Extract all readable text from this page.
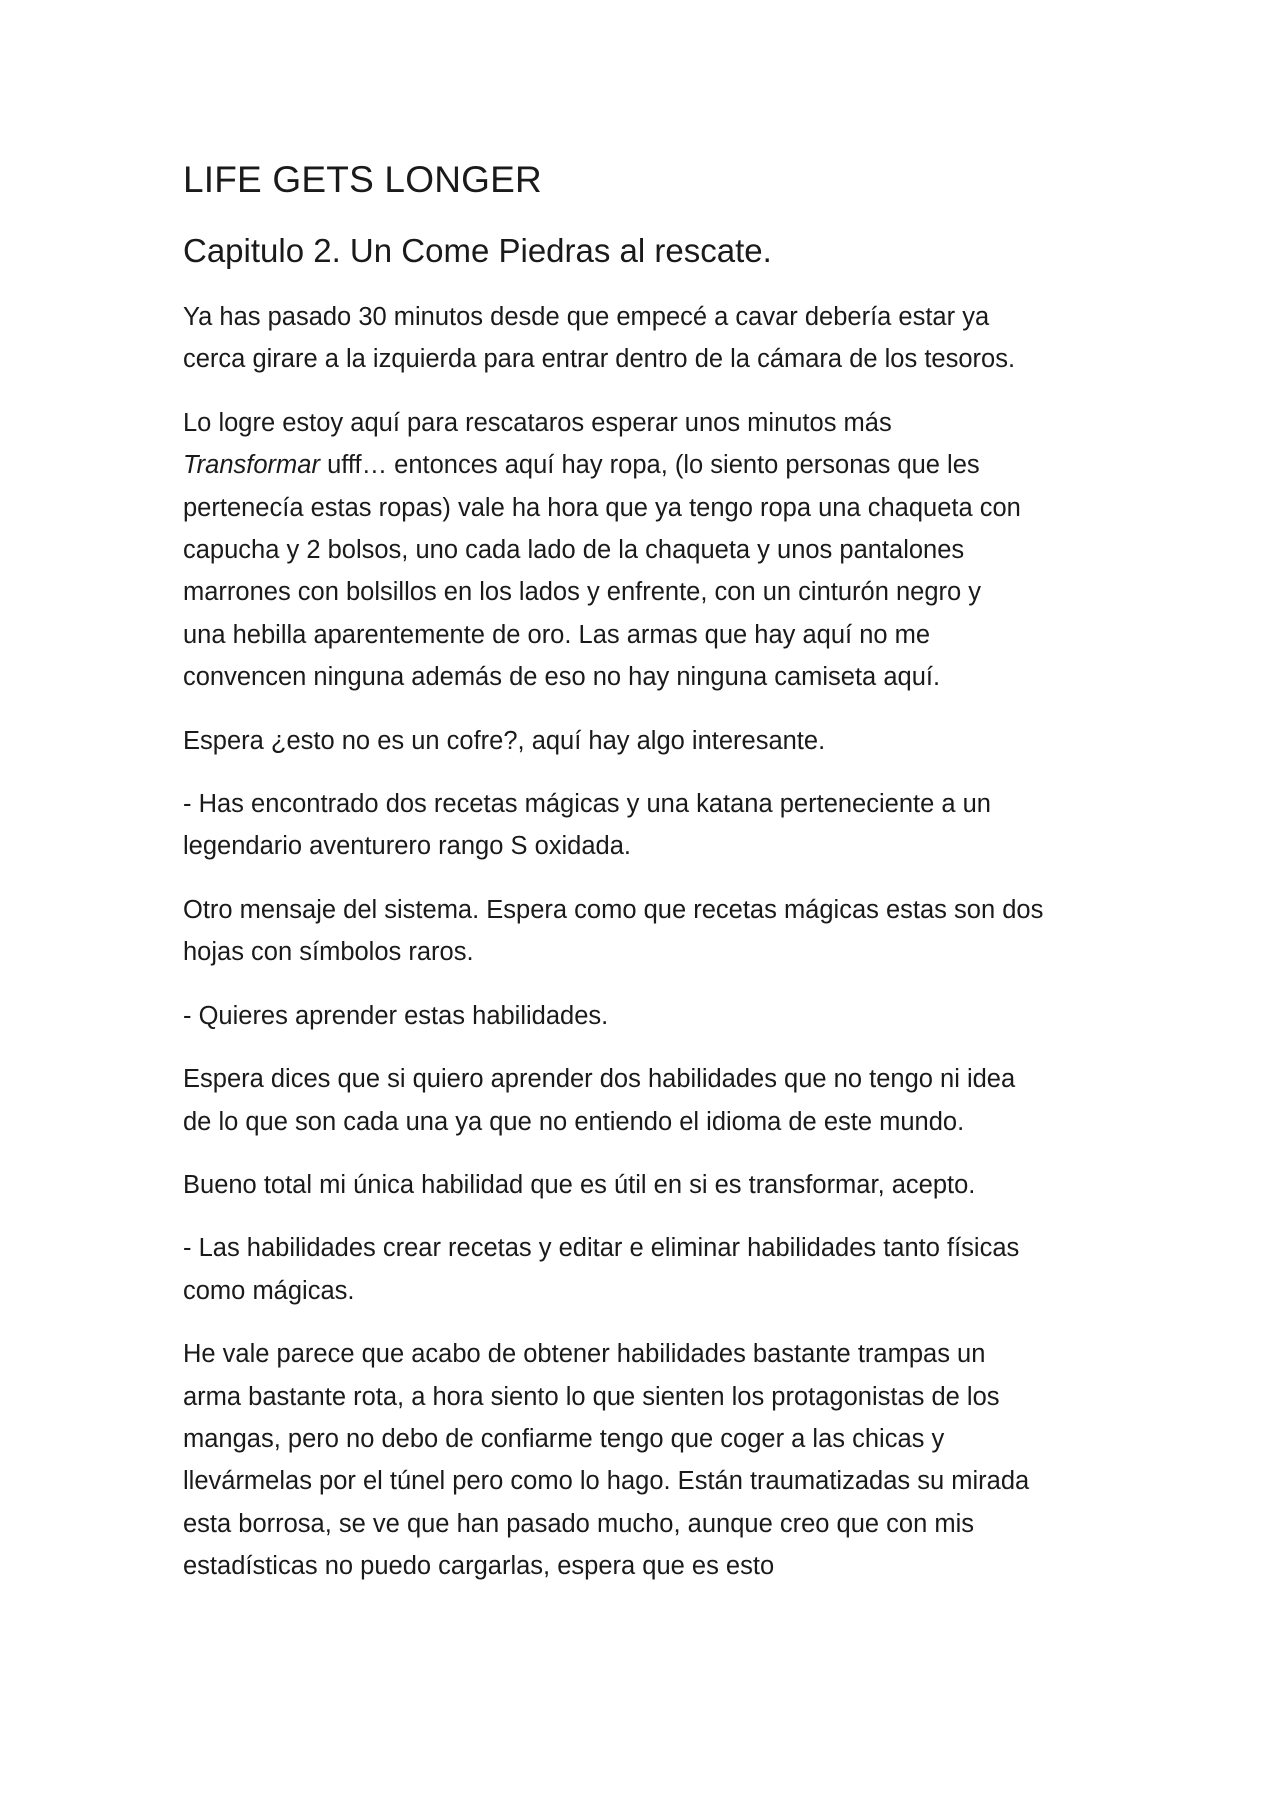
LIFE GETS LONGER
Capitulo 2. Un Come Piedras al rescate.
Ya has pasado 30 minutos desde que empecé a cavar debería estar ya
cerca girare a la izquierda para entrar dentro de la cámara de los tesoros.
Lo logre estoy aquí para rescataros esperar unos minutos más
Transformar ufff… entonces aquí hay ropa, (lo siento personas que les
pertenecía estas ropas) vale ha hora que ya tengo ropa una chaqueta con
capucha y 2 bolsos, uno cada lado de la chaqueta y unos pantalones
marrones con bolsillos en los lados y enfrente, con un cinturón negro y
una hebilla aparentemente de oro. Las armas que hay aquí no me
convencen ninguna además de eso no hay ninguna camiseta aquí.
Espera ¿esto no es un cofre?, aquí hay algo interesante.
- Has encontrado dos recetas mágicas y una katana perteneciente a un
legendario aventurero rango S oxidada.
Otro mensaje del sistema. Espera como que recetas mágicas estas son dos
hojas con símbolos raros.
- Quieres aprender estas habilidades.
Espera dices que si quiero aprender dos habilidades que no tengo ni idea
de lo que son cada una ya que no entiendo el idioma de este mundo.
Bueno total mi única habilidad que es útil en si es transformar, acepto.
- Las habilidades crear recetas y editar e eliminar habilidades tanto físicas
como mágicas.
He vale parece que acabo de obtener habilidades bastante trampas un
arma bastante rota, a hora siento lo que sienten los protagonistas de los
mangas, pero no debo de confiarme tengo que coger a las chicas y
llevármelas por el túnel pero como lo hago. Están traumatizadas su mirada
esta borrosa, se ve que han pasado mucho, aunque creo que con mis
estadísticas no puedo cargarlas, espera que es esto
